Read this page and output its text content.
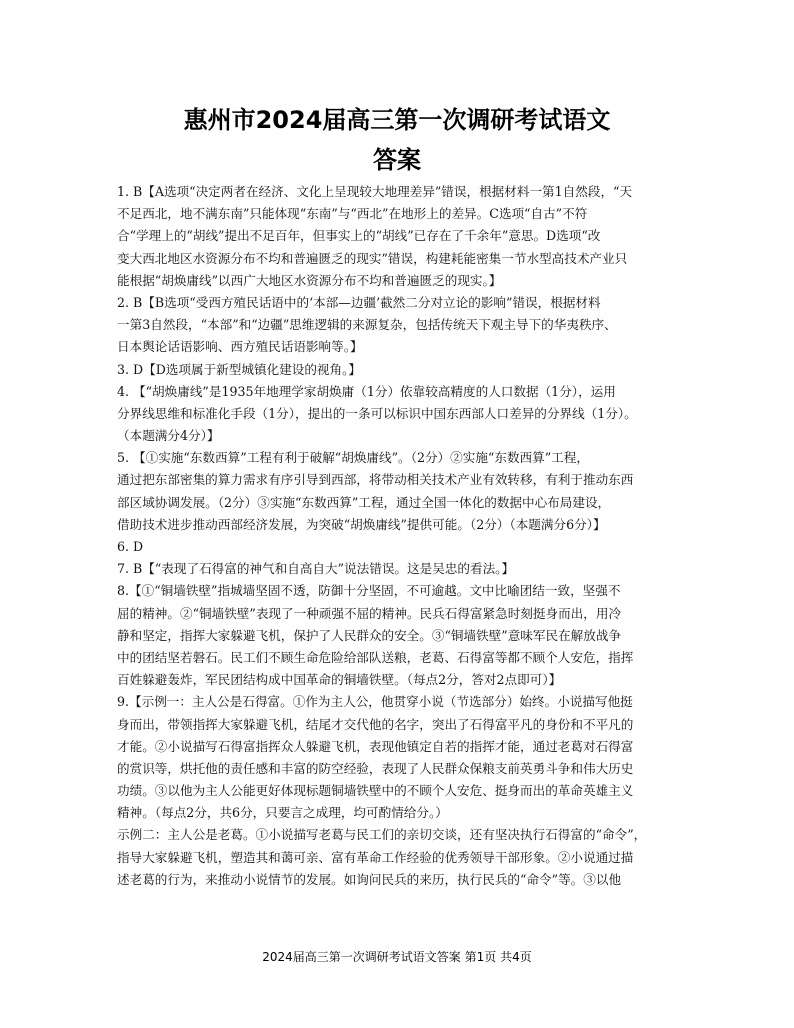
惠州市2024届高三第一次调研考试语文
答案
1. B【A选项“决定两者在经济、文化上呈现较大地理差异”错误，根据材料一第1自然段，“天
不足西北，地不满东南”只能体现“东南”与“西北”在地形上的差异。C选项“自古”不符
合“学理上的“胡线”提出不足百年，但事实上的“胡线”已存在了千余年”意思。D选项“改
变大西北地区水资源分布不均和普遍匮乏的现实”错误，构建耗能密集一节水型高技术产业只
能根据“胡焕庸线”以西广大地区水资源分布不均和普遍匮乏的现实。】
2. B【B选项“受西方殖民话语中的‘本部—边疆’截然二分对立论的影响”错误，根据材料
一第3自然段，“本部”和“边疆”思维逻辑的来源复杂，包括传统天下观主导下的华夷秩序、
日本舆论话语影响、西方殖民话语影响等。】
3. D【D选项属于新型城镇化建设的视角。】
4. 【“胡焕庸线”是1935年地理学家胡焕庸（1分）依靠较高精度的人口数据（1分），运用
分界线思维和标准化手段（1分），提出的一条可以标识中国东西部人口差异的分界线（1分）。
（本题满分4分）】
5. 【①实施“东数西算”工程有利于破解“胡焕庸线”。（2分）②实施“东数西算”工程，
通过把东部密集的算力需求有序引导到西部，将带动相关技术产业有效转移，有利于推动东西
部区域协调发展。（2分）③实施“东数西算”工程，通过全国一体化的数据中心布局建设，
借助技术进步推动西部经济发展，为突破“胡焕庸线”提供可能。（2分）（本题满分6分）】
6. D
7. B【“表现了石得富的神气和自高自大”说法错误。这是吴忠的看法。】
8.【①“铜墙铁壁”指城墙坚固不透，防御十分坚固，不可逾越。文中比喻团结一致，坚强不
屈的精神。②“铜墙铁壁”表现了一种顽强不屈的精神。民兵石得富紧急时刻挺身而出，用冷
静和坚定，指挥大家躲避飞机，保护了人民群众的安全。③“铜墙铁壁”意味军民在解放战争
中的团结坚若磐石。民工们不顾生命危险给部队送粮，老葛、石得富等都不顾个人安危，指挥
百姓躲避轰炸，军民团结构成中国革命的铜墙铁壁。（每点2分，答对2点即可）】
9.【示例一：主人公是石得富。①作为主人公，他贯穿小说（节选部分）始终。小说描写他挺
身而出，带领指挥大家躲避飞机，结尾才交代他的名字，突出了石得富平凡的身份和不平凡的
才能。②小说描写石得富指挥众人躲避飞机，表现他镇定自若的指挥才能，通过老葛对石得富
的赏识等，烘托他的责任感和丰富的防空经验，表现了人民群众保粮支前英勇斗争和伟大历史
功绩。③以他为主人公能更好体现标题铜墙铁壁中的不顾个人安危、挺身而出的革命英雄主义
精神。（每点2分，共6分，只要言之成理，均可酌情给分。）
示例二：主人公是老葛。①小说描写老葛与民工们的亲切交谈，还有坚决执行石得富的“命令”，
指导大家躲避飞机，塑造其和蔼可亲、富有革命工作经验的优秀领导干部形象。②小说通过描
述老葛的行为，来推动小说情节的发展。如询问民兵的来历，执行民兵的“命令”等。③以他
2024届高三第一次调研考试语文答案 第1页 共4页
